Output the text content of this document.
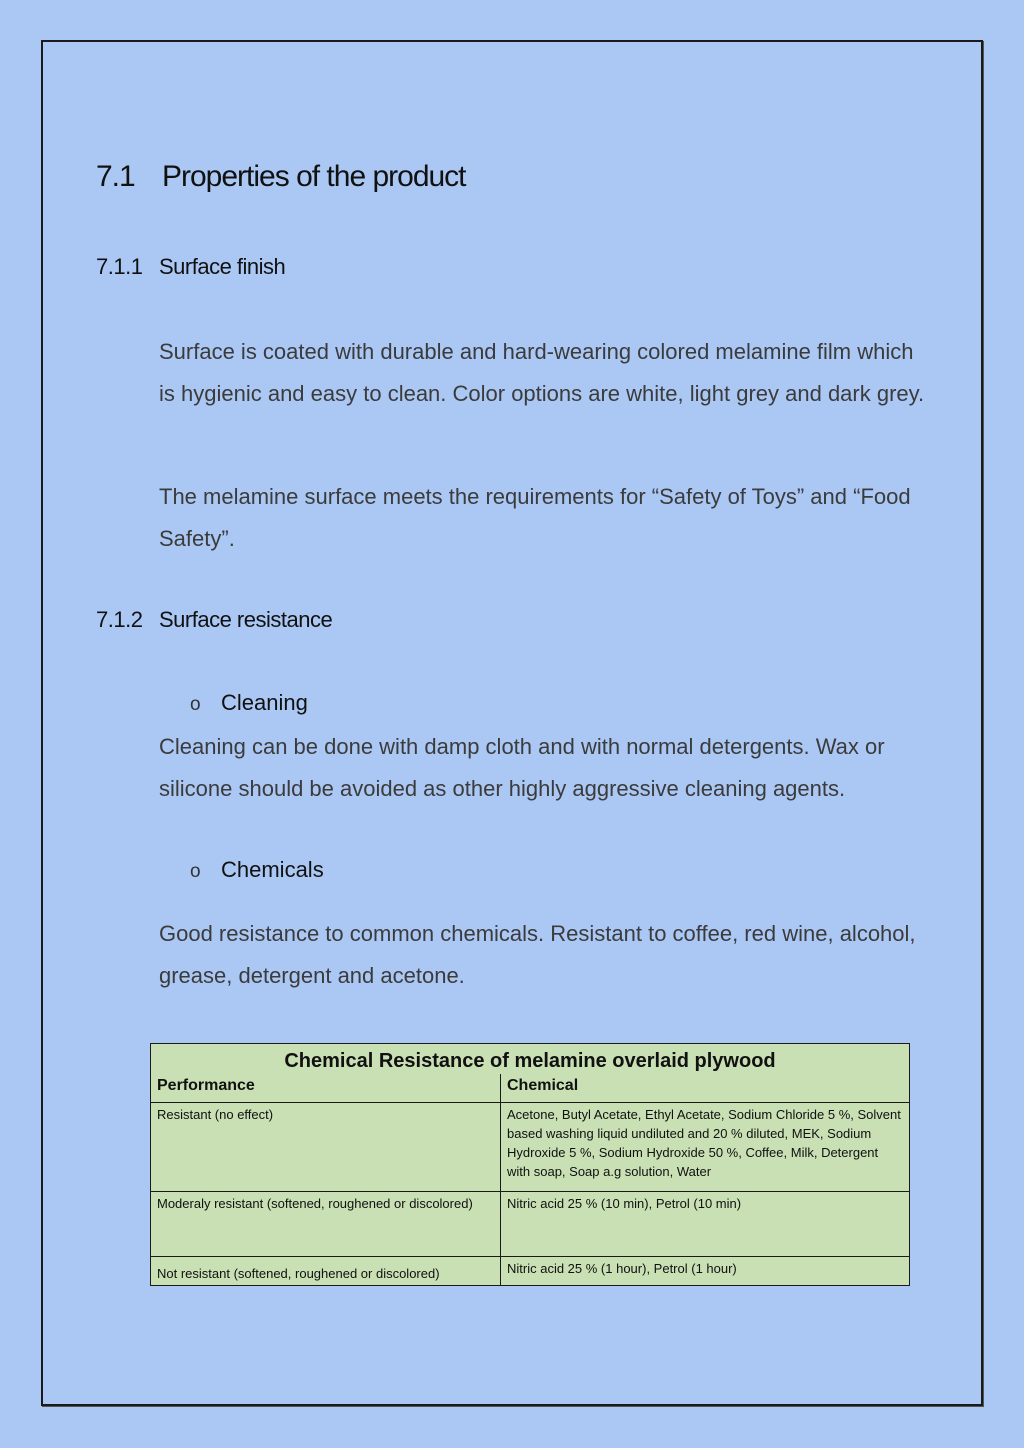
7.1 Properties of the product
7.1.1 Surface finish
Surface is coated with durable and hard-wearing colored melamine film which is hygienic and easy to clean. Color options are white, light grey and dark grey.
The melamine surface meets the requirements for “Safety of Toys” and “Food Safety”.
7.1.2 Surface resistance
o Cleaning
Cleaning can be done with damp cloth and with normal detergents. Wax or silicone should be avoided as other highly aggressive cleaning agents.
o Chemicals
Good resistance to common chemicals. Resistant to coffee, red wine, alcohol, grease, detergent and acetone.
Chemical Resistance of melamine overlaid plywood	
Performance	Chemical
Resistant (no effect)	Acetone, Butyl Acetate, Ethyl Acetate, Sodium Chloride 5 %, Solvent based washing liquid undiluted and 20 % diluted, MEK, Sodium Hydroxide 5 %, Sodium Hydroxide 50 %, Coffee, Milk, Detergent with soap, Soap a.g solution, Water
Moderaly resistant (softened, roughened or discolored)	Nitric acid 25 % (10 min), Petrol (10 min)
Not resistant (softened, roughened or discolored)	Nitric acid 25 % (1 hour), Petrol (1 hour)
